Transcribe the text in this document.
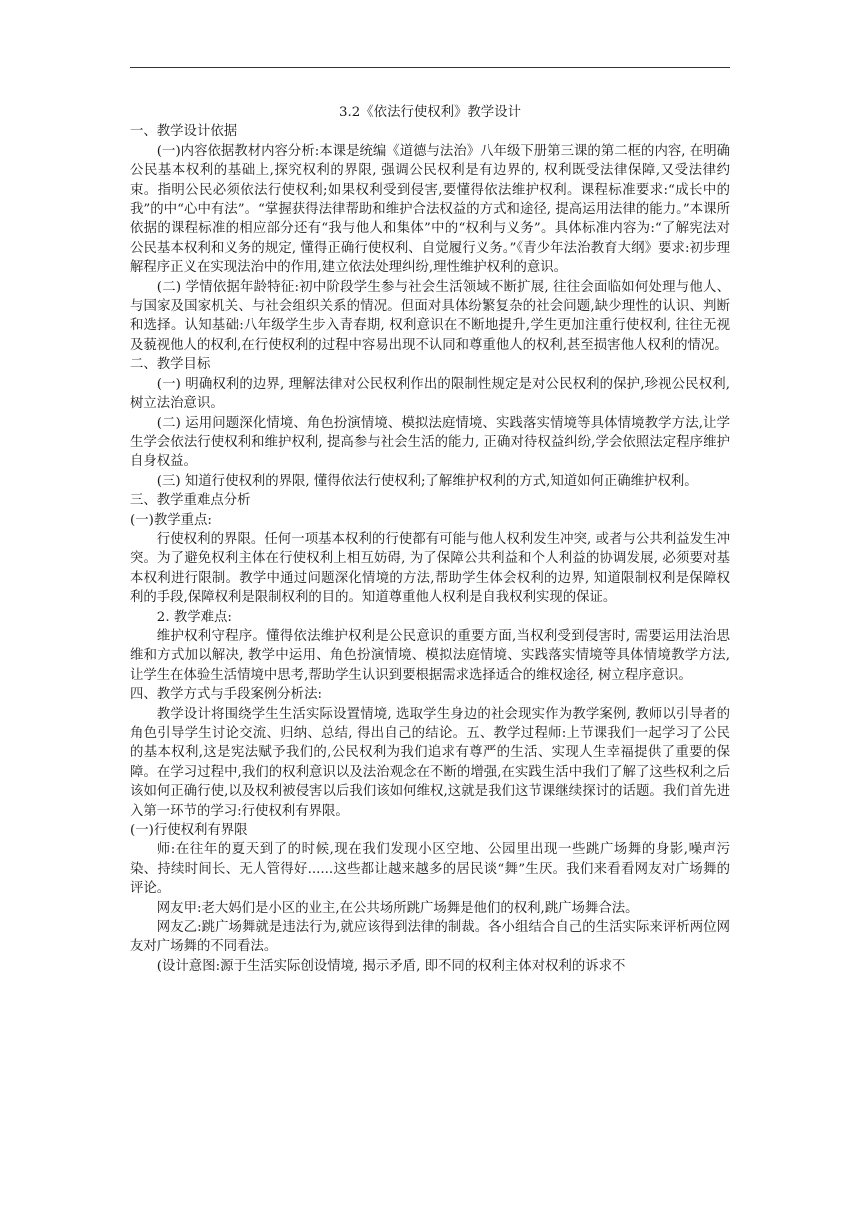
3.2《依法行使权利》教学设计

一、教学设计依据

(一)内容依据教材内容分析:本课是统编《道德与法治》八年级下册第三课的第二框的内容, 在明确公民基本权利的基础上,探究权利的界限, 强调公民权利是有边界的, 权利既受法律保障,又受法律约束。指明公民必须依法行使权利;如果权利受到侵害,要懂得依法维护权利。课程标准要求:“成长中的我”的中“心中有法”。“掌握获得法律帮助和维护合法权益的方式和途径, 提高运用法律的能力。”本课所依据的课程标准的相应部分还有“我与他人和集体”中的“权利与义务”。具体标准内容为:“了解宪法对公民基本权利和义务的规定, 懂得正确行使权利、自觉履行义务。”《青少年法治教育大纲》要求:初步理解程序正义在实现法治中的作用,建立依法处理纠纷,理性维护权利的意识。

(二) 学情依据年龄特征:初中阶段学生参与社会生活领域不断扩展, 往往会面临如何处理与他人、与国家及国家机关、与社会组织关系的情况。但面对具体纷繁复杂的社会问题,缺少理性的认识、判断和选择。认知基础:八年级学生步入青春期, 权利意识在不断地提升,学生更加注重行使权利, 往往无视及藐视他人的权利,在行使权利的过程中容易出现不认同和尊重他人的权利,甚至损害他人权利的情况。

二、教学目标

(一) 明确权利的边界, 理解法律对公民权利作出的限制性规定是对公民权利的保护,珍视公民权利, 树立法治意识。

(二) 运用问题深化情境、角色扮演情境、模拟法庭情境、实践落实情境等具体情境教学方法,让学生学会依法行使权利和维护权利, 提高参与社会生活的能力, 正确对待权益纠纷,学会依照法定程序维护自身权益。

(三) 知道行使权利的界限, 懂得依法行使权利;了解维护权利的方式,知道如何正确维护权利。

三、教学重难点分析

(一)教学重点:

行使权利的界限。任何一项基本权利的行使都有可能与他人权利发生冲突, 或者与公共利益发生冲突。为了避免权利主体在行使权利上相互妨碍, 为了保障公共利益和个人利益的协调发展, 必须要对基本权利进行限制。教学中通过问题深化情境的方法,帮助学生体会权利的边界, 知道限制权利是保障权利的手段,保障权利是限制权利的目的。知道尊重他人权利是自我权利实现的保证。

2. 教学难点:

维护权利守程序。懂得依法维护权利是公民意识的重要方面,当权利受到侵害时, 需要运用法治思维和方式加以解决, 教学中运用、角色扮演情境、模拟法庭情境、实践落实情境等具体情境教学方法,让学生在体验生活情境中思考,帮助学生认识到要根据需求选择适合的维权途径, 树立程序意识。

四、教学方式与手段案例分析法:

教学设计将围绕学生生活实际设置情境, 选取学生身边的社会现实作为教学案例, 教师以引导者的角色引导学生讨论交流、归纳、总结, 得出自己的结论。五、教学过程师:上节课我们一起学习了公民的基本权利,这是宪法赋予我们的,公民权利为我们追求有尊严的生活、实现人生幸福提供了重要的保障。在学习过程中,我们的权利意识以及法治观念在不断的增强,在实践生活中我们了解了这些权利之后该如何正确行使,以及权利被侵害以后我们该如何维权,这就是我们这节课继续探讨的话题。我们首先进入第一环节的学习:行使权利有界限。

(一)行使权利有界限

师:在往年的夏天到了的时候,现在我们发现小区空地、公园里出现一些跳广场舞的身影,噪声污染、持续时间长、无人管得好......这些都让越来越多的居民谈“舞”生厌。我们来看看网友对广场舞的评论。

网友甲:老大妈们是小区的业主,在公共场所跳广场舞是他们的权利,跳广场舞合法。

网友乙:跳广场舞就是违法行为,就应该得到法律的制裁。各小组结合自己的生活实际来评析两位网友对广场舞的不同看法。

(设计意图:源于生活实际创设情境, 揭示矛盾, 即不同的权利主体对权利的诉求不
